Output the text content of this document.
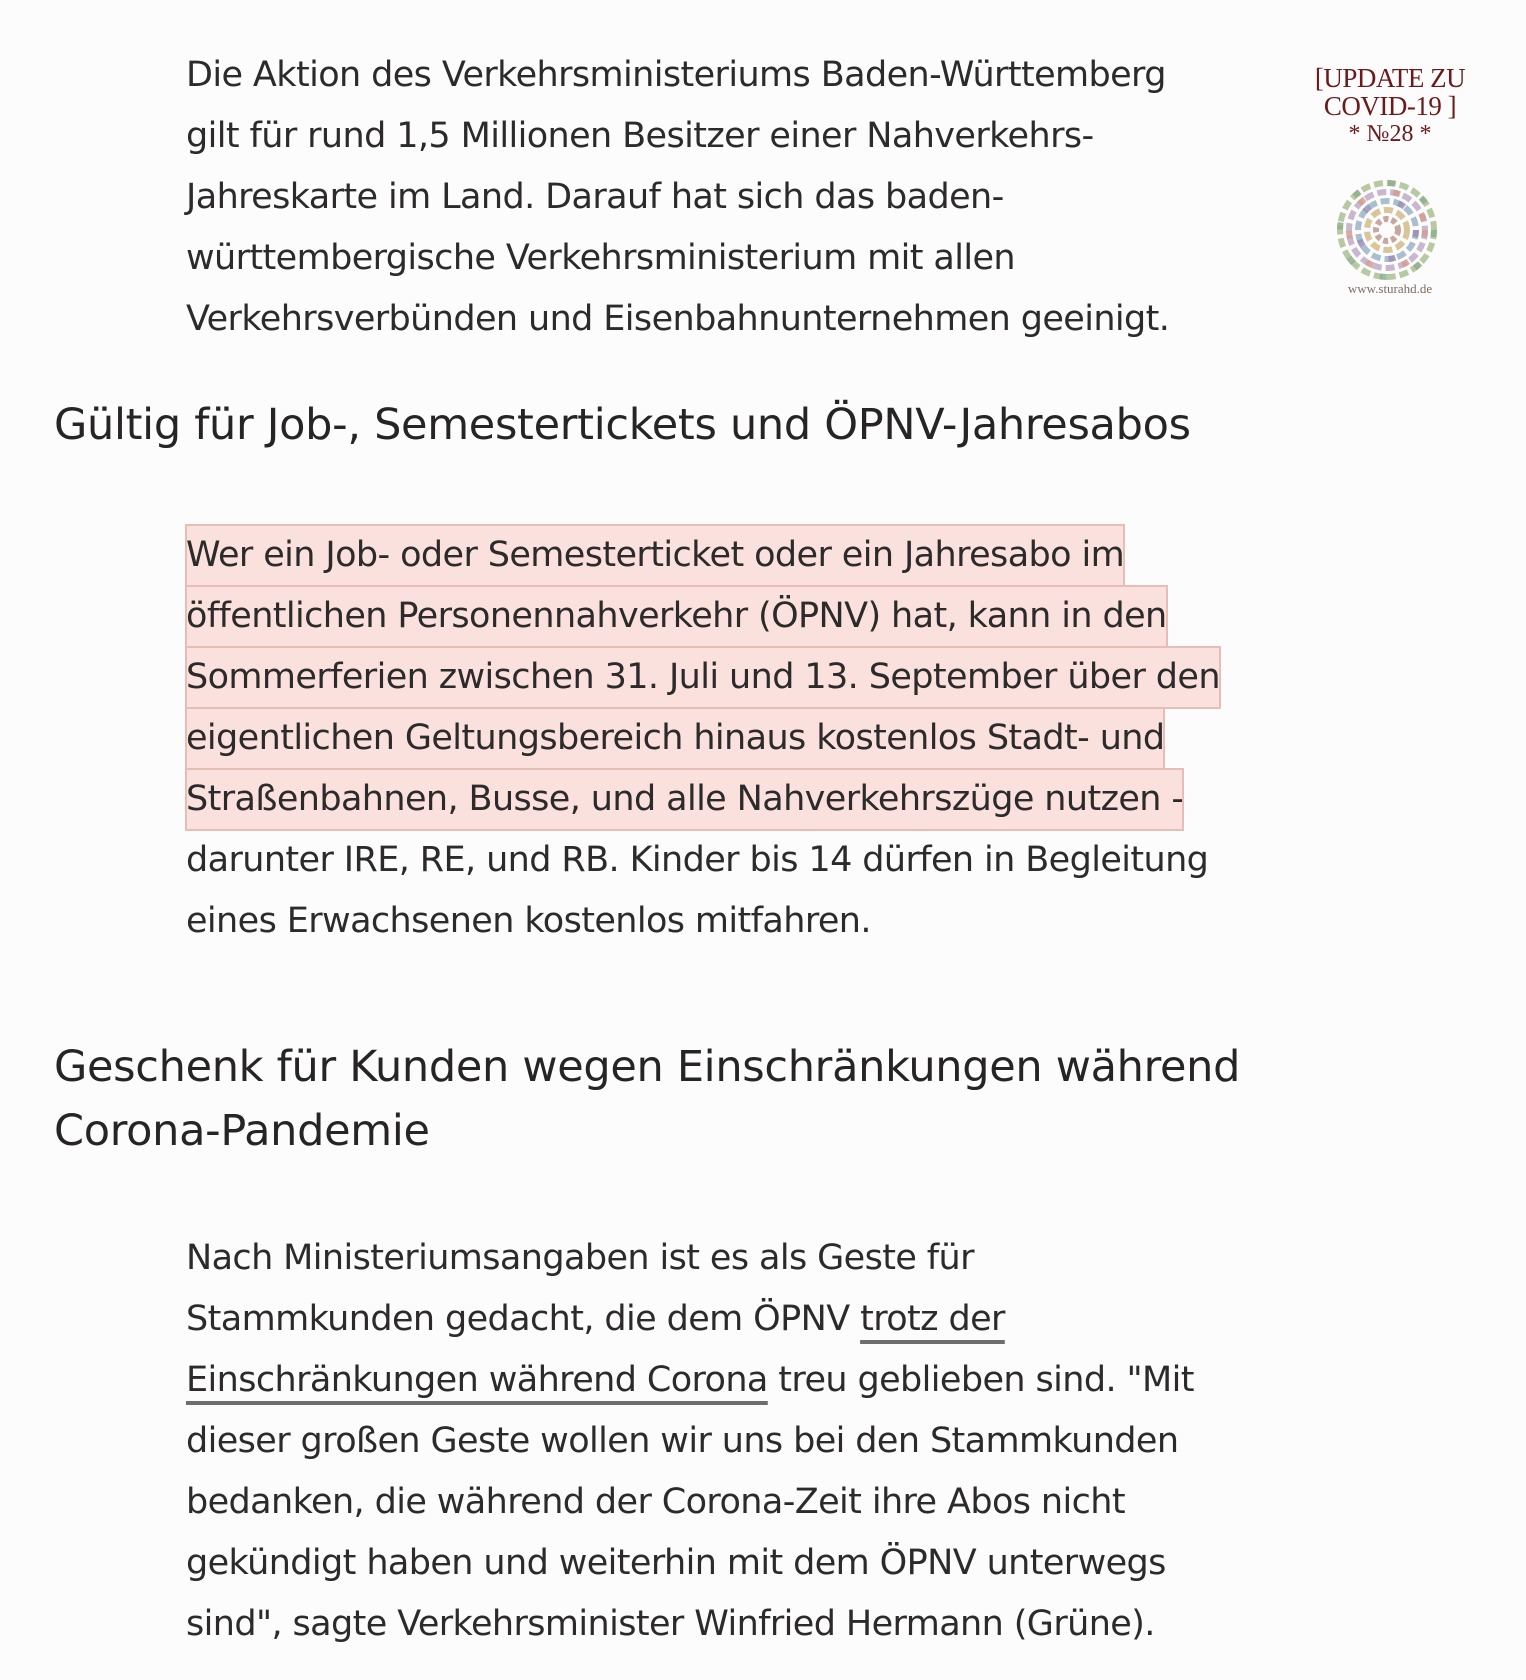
[UPDATE ZU
COVID-19 ]
* №28 *
www.sturahd.de

Die Aktion des Verkehrsministeriums Baden-Württemberg
gilt für rund 1,5 Millionen Besitzer einer Nahverkehrs-
Jahreskarte im Land. Darauf hat sich das baden-
württembergische Verkehrsministerium mit allen
Verkehrsverbünden und Eisenbahnunternehmen geeinigt.

Gültig für Job-, Semestertickets und ÖPNV-Jahresabos

Wer ein Job- oder Semesterticket oder ein Jahresabo im
öffentlichen Personennahverkehr (ÖPNV) hat, kann in den
Sommerferien zwischen 31. Juli und 13. September über den
eigentlichen Geltungsbereich hinaus kostenlos Stadt- und
Straßenbahnen, Busse, und alle Nahverkehrszüge nutzen -
darunter IRE, RE, und RB. Kinder bis 14 dürfen in Begleitung
eines Erwachsenen kostenlos mitfahren.

Geschenk für Kunden wegen Einschränkungen während
Corona-Pandemie

Nach Ministeriumsangaben ist es als Geste für
Stammkunden gedacht, die dem ÖPNV trotz der
Einschränkungen während Corona treu geblieben sind. "Mit
dieser großen Geste wollen wir uns bei den Stammkunden
bedanken, die während der Corona-Zeit ihre Abos nicht
gekündigt haben und weiterhin mit dem ÖPNV unterwegs
sind", sagte Verkehrsminister Winfried Hermann (Grüne).
